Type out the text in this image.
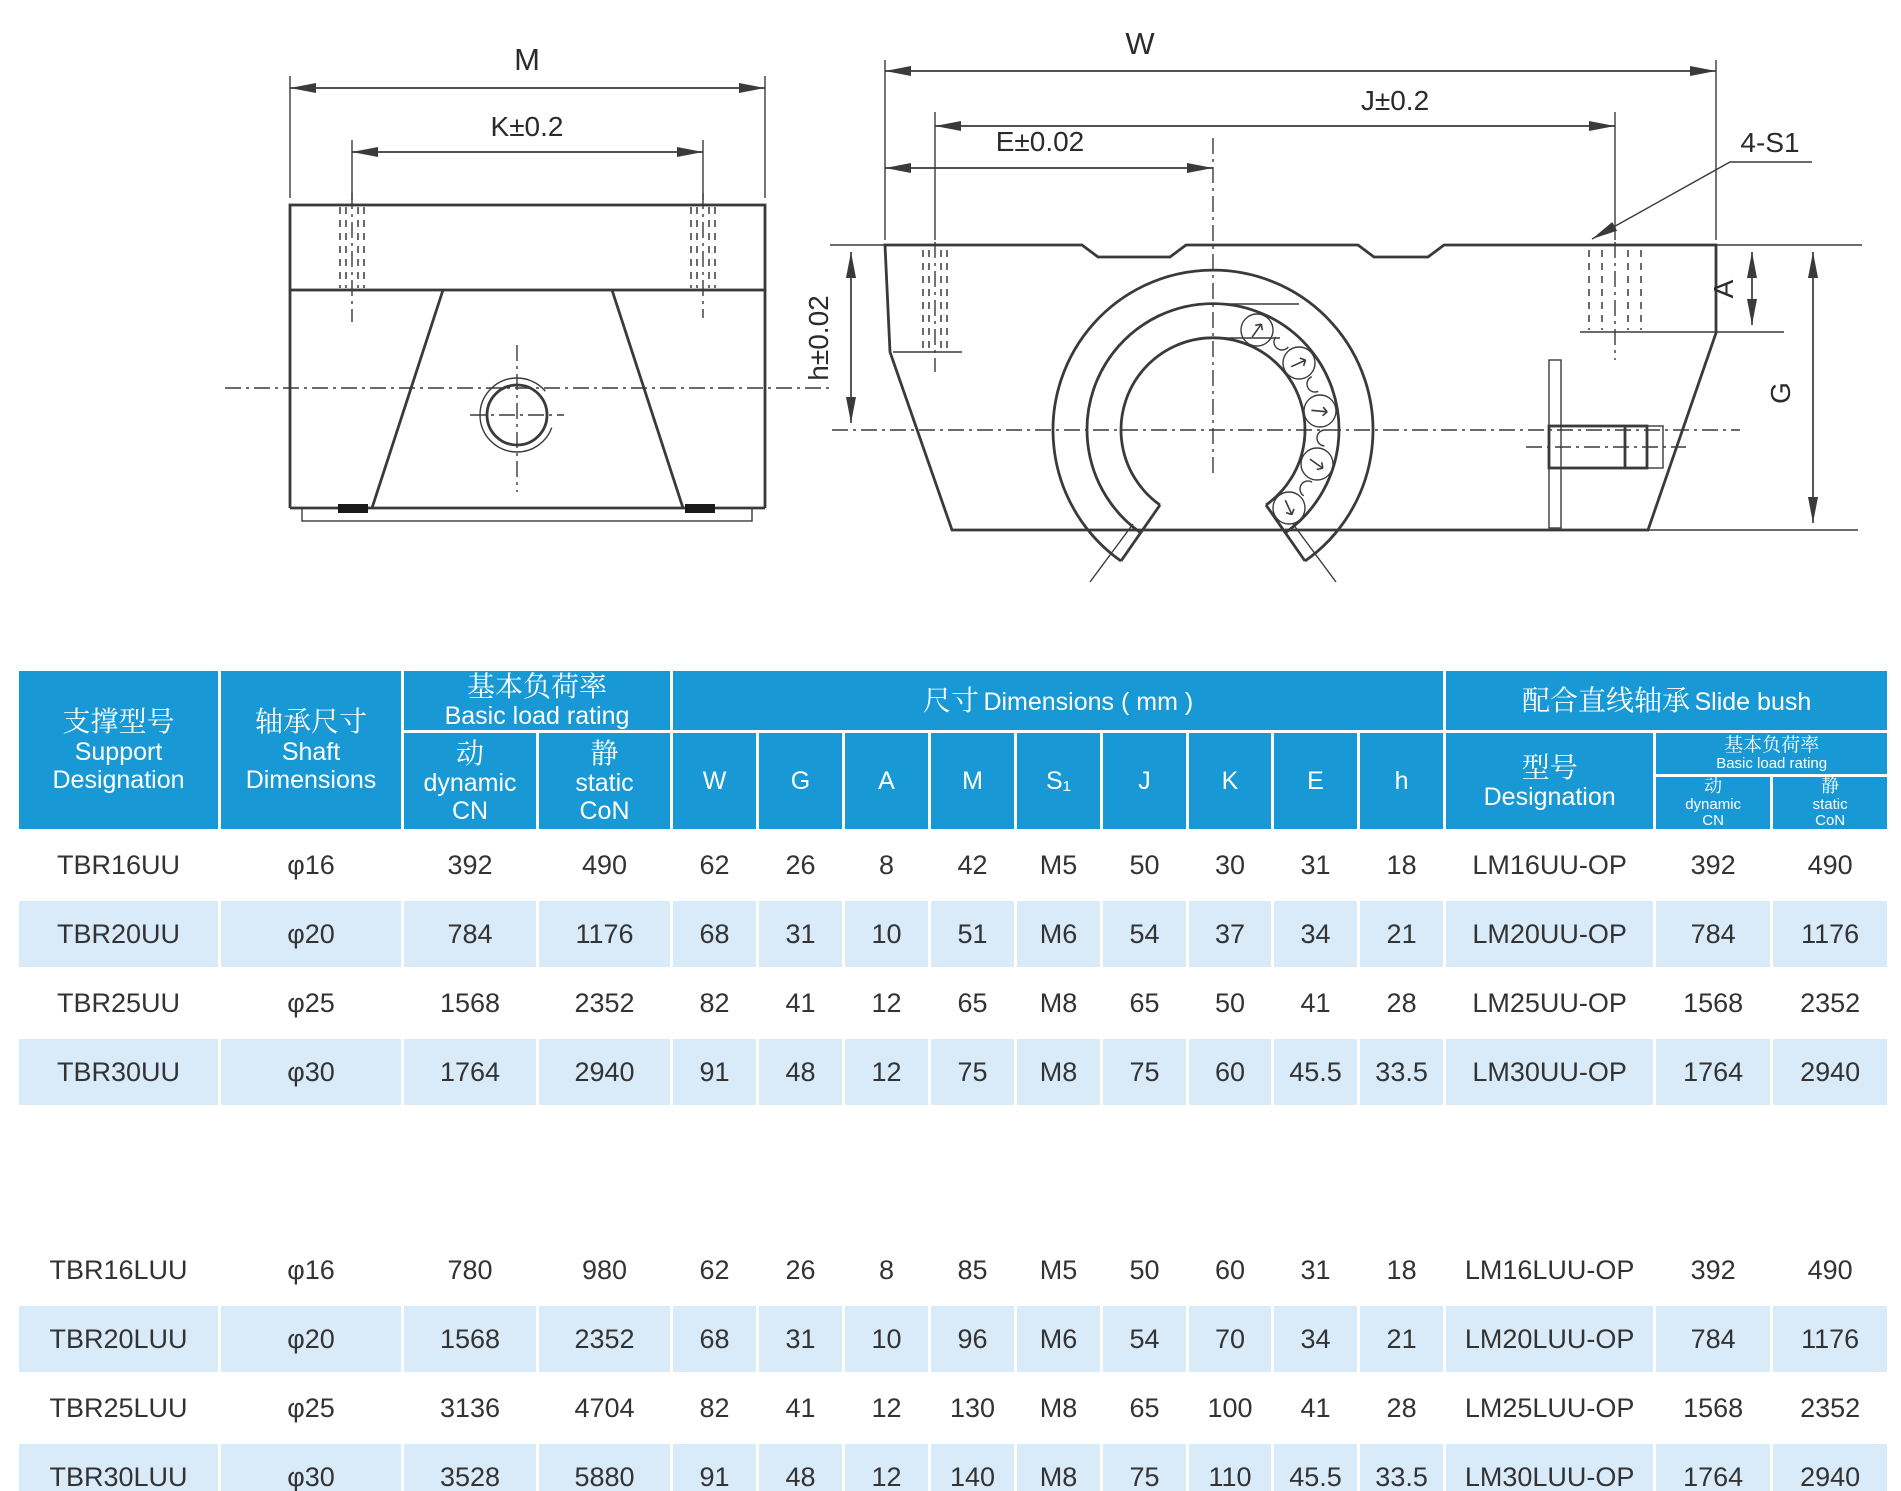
M
K±0.2
W
J±0.2
E±0.02	4-S1
h±0.02
A
G
支撑型号
Support
Designation

轴承尺寸
Shaft
Dimensions

基本负荷率
Basic load rating
	尺寸 Dimensions ( mm )	配合直线轴承 Slide bush

动
dynamic
CN

静
static
CoN
	W	G	A	M	S₁	J	K	E	h	型号
Designation

基本负荷率
Basic load rating

动
dynamic
CN

静
static
CoN

TBR16UU	φ16	392	490	62	26	8	42	M5	50	30	31	18	LM16UU-OP	392	490
TBR20UU	φ20	784	1176	68	31	10	51	M6	54	37	34	21	LM20UU-OP	784	1176
TBR25UU	φ25	1568	2352	82	41	12	65	M8	65	50	41	28	LM25UU-OP	1568	2352
TBR30UU	φ30	1764	2940	91	48	12	75	M8	75	60	45.5	33.5	LM30UU-OP	1764	2940

TBR16LUU	φ16	780	980	62	26	8	85	M5	50	60	31	18	LM16LUU-OP	392	490
TBR20LUU	φ20	1568	2352	68	31	10	96	M6	54	70	34	21	LM20LUU-OP	784	1176
TBR25LUU	φ25	3136	4704	82	41	12	130	M8	65	100	41	28	LM25LUU-OP	1568	2352
TBR30LUU	φ30	3528	5880	91	48	12	140	M8	75	110	45.5	33.5	LM30LUU-OP	1764	2940
